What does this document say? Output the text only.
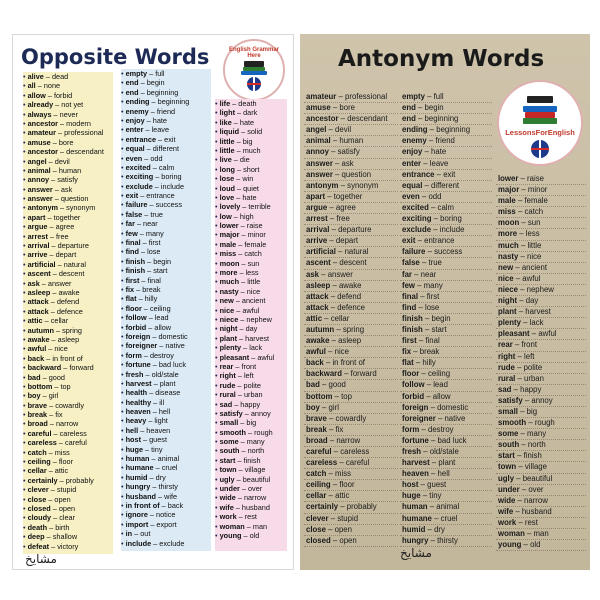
Opposite Words	English Grammar Here
• alive – dead
• all – none
• allow – forbid
• already – not yet
• always – never
• ancestor – modern
• amateur – professional
• amuse – bore
• ancestor – descendant
• angel – devil
• animal – human
• annoy – satisfy
• answer – ask
• answer – question
• antonym – synonym
• apart – together
• argue – agree
• arrest – free
• arrival – departure
• arrive – depart
• artificial – natural
• ascent – descent
• ask – answer
• asleep – awake
• attack – defend
• attack – defence
• attic – cellar
• autumn – spring
• awake – asleep
• awful – nice
• back – in front of
• backward – forward
• bad – good
• bottom – top
• boy – girl
• brave – cowardly
• break – fix
• broad – narrow
• careful – careless
• careless – careful
• catch – miss
• ceiling – floor
• cellar – attic
• certainly – probably
• clever – stupid
• close – open
• closed – open
• cloudy – clear
• death – birth
• deep – shallow
• defeat – victory
• empty – full
• end – begin
• end – beginning
• ending – beginning
• enemy – friend
• enjoy – hate
• enter – leave
• entrance – exit
• equal – different
• even – odd
• excited – calm
• exciting – boring
• exclude – include
• exit – entrance
• failure – success
• false – true
• far – near
• few – many
• final – first
• find – lose
• finish – begin
• finish – start
• first – final
• fix – break
• flat – hilly
• floor – ceiling
• follow – lead
• forbid – allow
• foreign – domestic
• foreigner – native
• form – destroy
• fortune – bad luck
• fresh – old/stale
• harvest – plant
• health – disease
• healthy – ill
• heaven – hell
• heavy – light
• hell – heaven
• host – guest
• huge – tiny
• human – animal
• humane – cruel
• humid – dry
• hungry – thirsty
• husband – wife
• in front of – back
• ignore – notice
• import – export
• in – out
• include – exclude
• life – death
• light – dark
• like – hate
• liquid – solid
• little – big
• little – much
• live – die
• long – short
• lose – win
• loud – quiet
• love – hate
• lovely – terrible
• low – high
• lower – raise
• major – minor
• male – female
• miss – catch
• moon – sun
• more – less
• much – little
• nasty – nice
• new – ancient
• nice – awful
• niece – nephew
• night – day
• plant – harvest
• plenty – lack
• pleasant – awful
• rear – front
• right – left
• rude – polite
• rural – urban
• sad – happy
• satisfy – annoy
• small – big
• smooth – rough
• some – many
• south – north
• start – finish
• town – village
• ugly – beautiful
• under – over
• wide – narrow
• wife – husband
• work – rest
• woman – man
• young – old
مشايخ
Antonym Words
LessonsForEnglish
amateur – professional
amuse – bore
ancestor – descendant
angel – devil
animal – human
annoy – satisfy
answer – ask
answer – question
antonym – synonym
apart – together
argue – agree
arrest – free
arrival – departure
arrive – depart
artificial – natural
ascent – descent
ask – answer
asleep – awake
attack – defend
attack – defence
attic – cellar
autumn – spring
awake – asleep
awful – nice
back – in front of
backward – forward
bad – good
bottom – top
boy – girl
brave – cowardly
break – fix
broad – narrow
careful – careless
careless – careful
catch – miss
ceiling – floor
cellar – attic
certainly – probably
clever – stupid
close – open
closed – open
empty – full
end – begin
end – beginning
ending – beginning
enemy – friend
enjoy – hate
enter – leave
entrance – exit
equal – different
even – odd
excited – calm
exciting – boring
exclude – include
exit – entrance
failure – success
false – true
far – near
few – many
final – first
find – lose
finish – begin
finish – start
first – final
fix – break
flat – hilly
floor – ceiling
follow – lead
forbid – allow
foreign – domestic
foreigner – native
form – destroy
fortune – bad luck
fresh – old/stale
harvest – plant
heaven – hell
host – guest
huge – tiny
human – animal
humane – cruel
humid – dry
hungry – thirsty
lower – raise
major – minor
male – female
miss – catch
moon – sun
more – less
much – little
nasty – nice
new – ancient
nice – awful
niece – nephew
night – day
plant – harvest
plenty – lack
pleasant – awful
rear – front
right – left
rude – polite
rural – urban
sad – happy
satisfy – annoy
small – big
smooth – rough
some – many
south – north
start – finish
town – village
ugly – beautiful
under – over
wide – narrow
wife – husband
work – rest
woman – man
young – old
مشايخ
